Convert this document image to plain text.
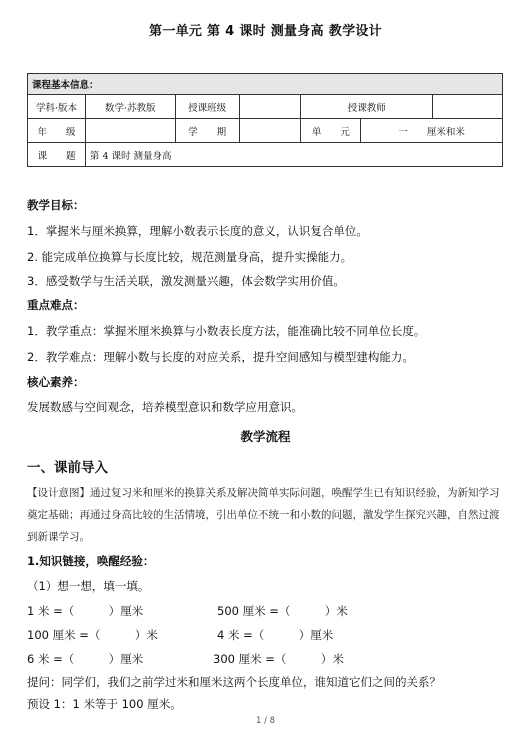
第一单元 第 4 课时 测量身高 教学设计
课程基本信息：						
学科·版本	数学·苏教版	授课班级		授课教师		
年　　级		学　　期		单　　元	一　　厘米和米	
课　　题	第 4 课时 测量身高					
教学目标：
1．掌握米与厘米换算，理解小数表示长度的意义，认识复合单位。
2. 能完成单位换算与长度比较，规范测量身高，提升实操能力。
3．感受数学与生活关联，激发测量兴趣，体会数学实用价值。
重点难点：
1．教学重点：掌握米厘米换算与小数表长度方法，能准确比较不同单位长度。
2．教学难点：理解小数与长度的对应关系，提升空间感知与模型建构能力。
核心素养：
发展数感与空间观念，培养模型意识和数学应用意识。
教学流程
一、课前导入
【设计意图】通过复习米和厘米的换算关系及解决简单实际问题，唤醒学生已有知识经验，为新知学习奠定基础；再通过身高比较的生活情境，引出单位不统一和小数的问题，激发学生探究兴趣，自然过渡到新课学习。
1.知识链接，唤醒经验：
（1）想一想，填一填。
1 米 =（　　　）厘米	500 厘米 =（　　　）米
100 厘米 =（　　　）米	4 米 =（　　　）厘米
6 米 =（　　　）厘米	300 厘米 =（　　　）米
提问：同学们，我们之前学过米和厘米这两个长度单位，谁知道它们之间的关系？
预设 1：1 米等于 100 厘米。
1 / 8
